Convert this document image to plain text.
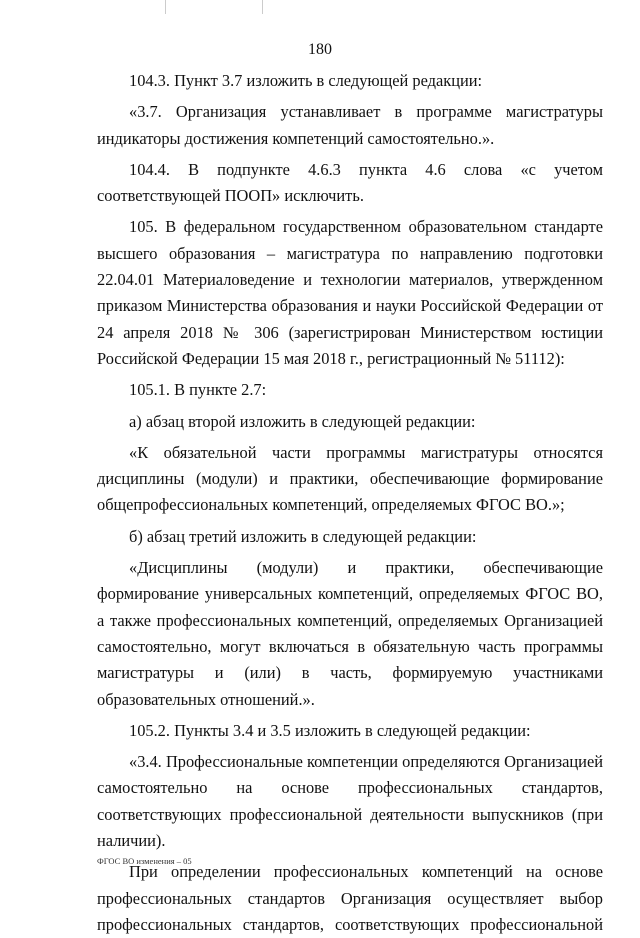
180

104.3. Пункт 3.7 изложить в следующей редакции:

«3.7. Организация устанавливает в программе магистратуры индикаторы достижения компетенций самостоятельно.».

104.4. В подпункте 4.6.3 пункта 4.6 слова «с учетом соответствующей ПООП» исключить.

105. В федеральном государственном образовательном стандарте высшего образования – магистратура по направлению подготовки 22.04.01 Материаловедение и технологии материалов, утвержденном приказом Министерства образования и науки Российской Федерации от 24 апреля 2018 № 306 (зарегистрирован Министерством юстиции Российской Федерации 15 мая 2018 г., регистрационный № 51112):

105.1. В пункте 2.7:

а) абзац второй изложить в следующей редакции:

«К обязательной части программы магистратуры относятся дисциплины (модули) и практики, обеспечивающие формирование общепрофессиональных компетенций, определяемых ФГОС ВО.»;

б) абзац третий изложить в следующей редакции:

«Дисциплины (модули) и практики, обеспечивающие формирование универсальных компетенций, определяемых ФГОС ВО, а также профессиональных компетенций, определяемых Организацией самостоятельно, могут включаться в обязательную часть программы магистратуры и (или) в часть, формируемую участниками образовательных отношений.».

105.2. Пункты 3.4 и 3.5 изложить в следующей редакции:

«3.4. Профессиональные компетенции определяются Организацией самостоятельно на основе профессиональных стандартов, соответствующих профессиональной деятельности выпускников (при наличии).

При определении профессиональных компетенций на основе профессиональных стандартов Организация осуществляет выбор профессиональных стандартов, соответствующих профессиональной

ФГОС ВО изменения – 05
